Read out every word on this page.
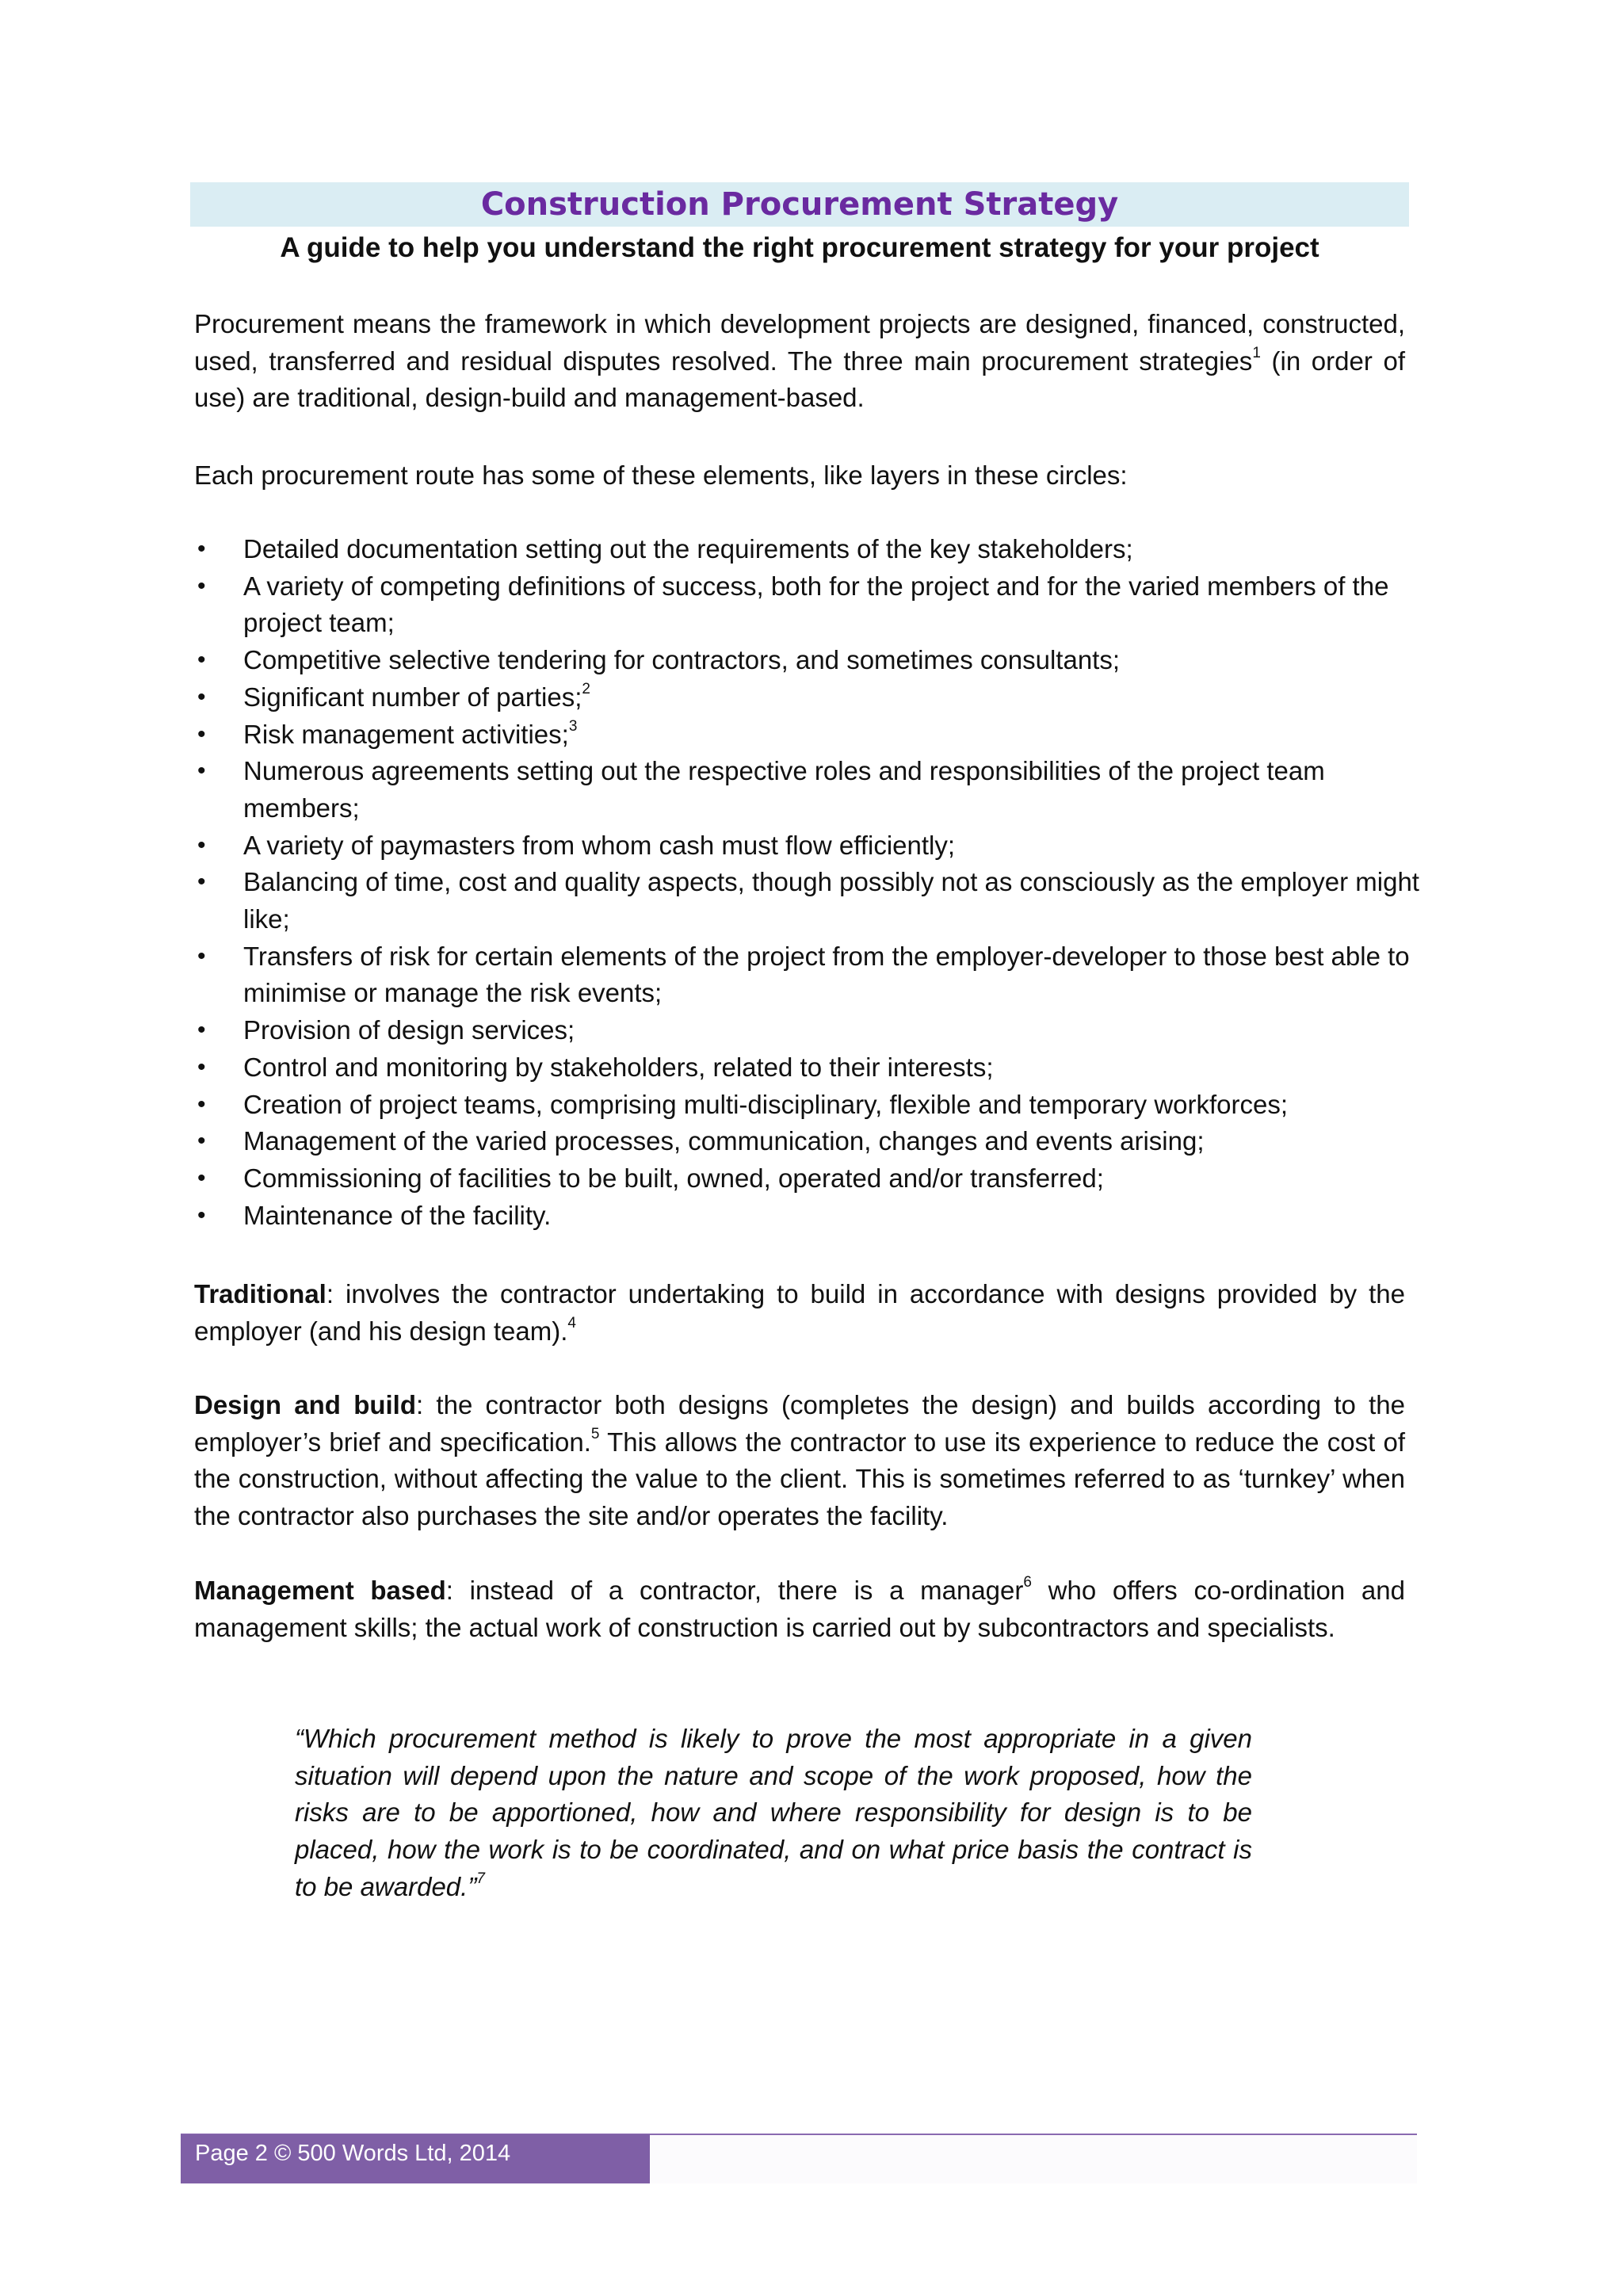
Construction Procurement Strategy
A guide to help you understand the right procurement strategy for your project

Procurement means the framework in which development projects are designed, financed, constructed, used, transferred and residual disputes resolved. The three main procurement strategies$^1$ (in order of use) are traditional, design-build and management-based.

Each procurement route has some of these elements, like layers in these circles:

• Detailed documentation setting out the requirements of the key stakeholders;
• A variety of competing definitions of success, both for the project and for the varied members of the project team;
• Competitive selective tendering for contractors, and sometimes consultants;
• Significant number of parties;$^2$
• Risk management activities;$^3$
• Numerous agreements setting out the respective roles and responsibilities of the project team members;
• A variety of paymasters from whom cash must flow efficiently;
• Balancing of time, cost and quality aspects, though possibly not as consciously as the employer might like;
• Transfers of risk for certain elements of the project from the employer-developer to those best able to minimise or manage the risk events;
• Provision of design services;
• Control and monitoring by stakeholders, related to their interests;
• Creation of project teams, comprising multi-disciplinary, flexible and temporary workforces;
• Management of the varied processes, communication, changes and events arising;
• Commissioning of facilities to be built, owned, operated and/or transferred;
• Maintenance of the facility.

Traditional: involves the contractor undertaking to build in accordance with designs provided by the employer (and his design team).$^4$

Design and build: the contractor both designs (completes the design) and builds according to the employer’s brief and specification.$^5$ This allows the contractor to use its experience to reduce the cost of the construction, without affecting the value to the client. This is sometimes referred to as ‘turnkey’ when the contractor also purchases the site and/or operates the facility.

Management based: instead of a contractor, there is a manager$^6$ who offers co-ordination and management skills; the actual work of construction is carried out by subcontractors and specialists.

“Which procurement method is likely to prove the most appropriate in a given situation will depend upon the nature and scope of the work proposed, how the risks are to be apportioned, how and where responsibility for design is to be placed, how the work is to be coordinated, and on what price basis the contract is to be awarded.”$^7$

Page 2 © 500 Words Ltd, 2014
